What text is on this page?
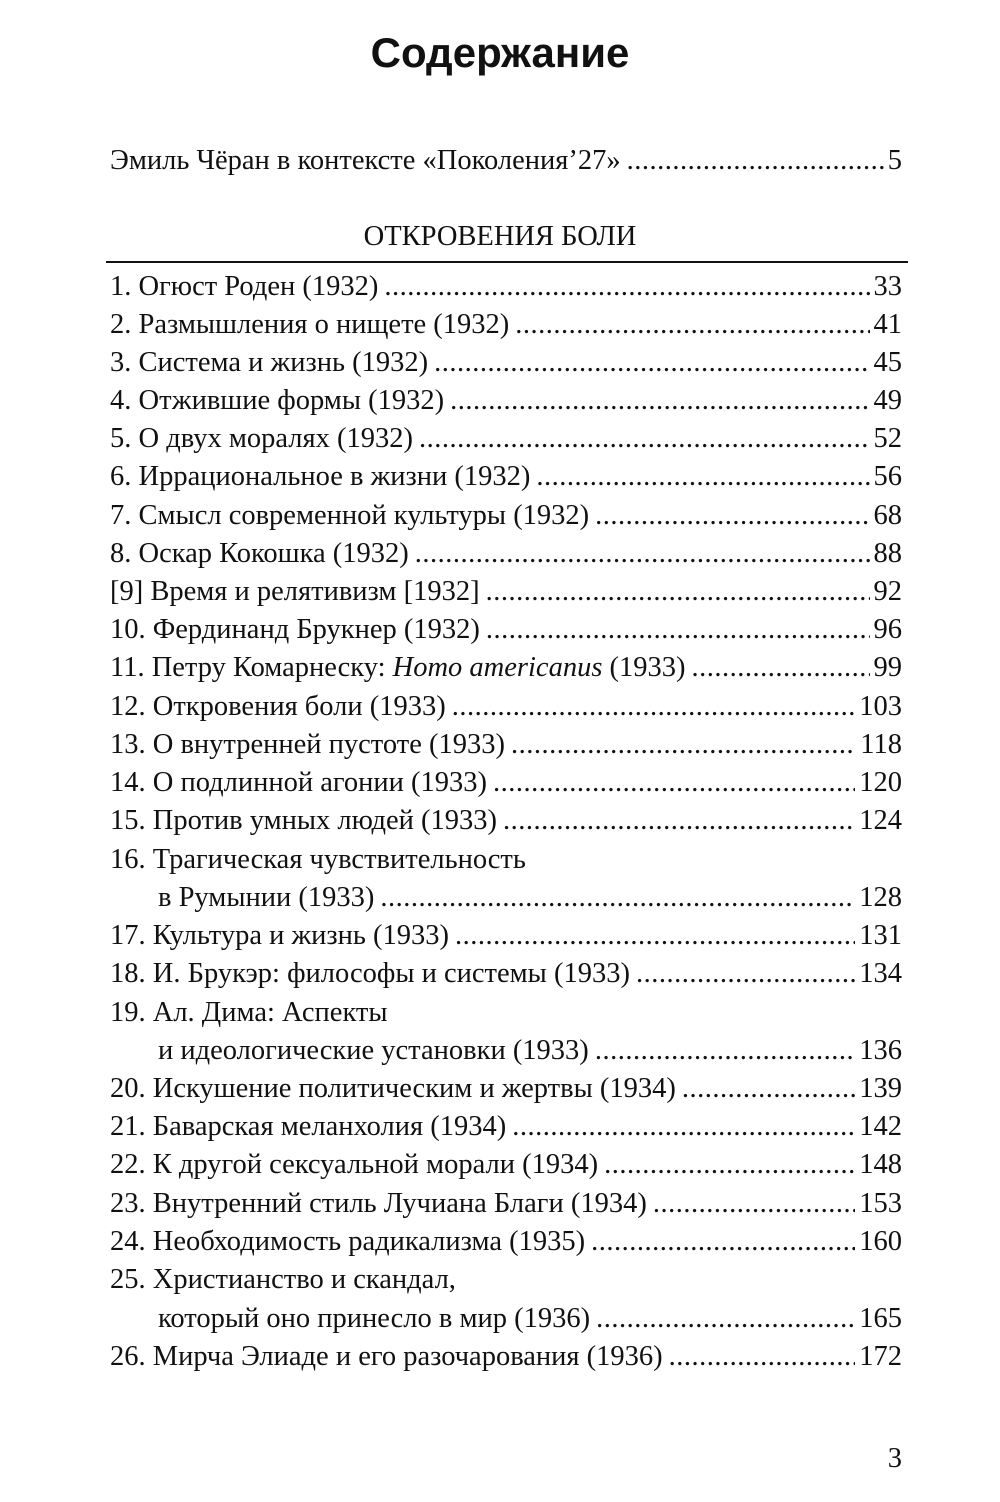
Содержание
Эмиль Чёран в контексте «Поколения’27» .....	5
ОТКРОВЕНИЯ БОЛИ
1. Огюст Роден (1932) .....	33
2. Размышления о нищете (1932) .....	41
3. Система и жизнь (1932) .....	45
4. Отжившие формы (1932) .....	49
5. О двух моралях (1932) .....	52
6. Иррациональное в жизни (1932) .....	56
7. Смысл современной культуры (1932) .....	68
8. Оскар Кокошка (1932) .....	88
[9] Время и релятивизм [1932] .....	92
10. Фердинанд Брукнер (1932) .....	96
11. Петру Комарнеску: Homo americanus (1933) .....	99
12. Откровения боли (1933) .....	103
13. О внутренней пустоте (1933) .....	118
14. О подлинной агонии (1933) .....	120
15. Против умных людей (1933) .....	124
16. Трагическая чувствительность
в Румынии (1933) .....	128
17. Культура и жизнь (1933) .....	131
18. И. Брукэр: философы и системы (1933) .....	134
19. Ал. Дима: Аспекты
и идеологические установки (1933) .....	136
20. Искушение политическим и жертвы (1934) .....	139
21. Баварская меланхолия (1934) .....	142
22. К другой сексуальной морали (1934) .....	148
23. Внутренний стиль Лучиана Благи (1934) .....	153
24. Необходимость радикализма (1935) .....	160
25. Христианство и скандал,
который оно принесло в мир (1936) .....	165
26. Мирча Элиаде и его разочарования (1936) .....	172
3
